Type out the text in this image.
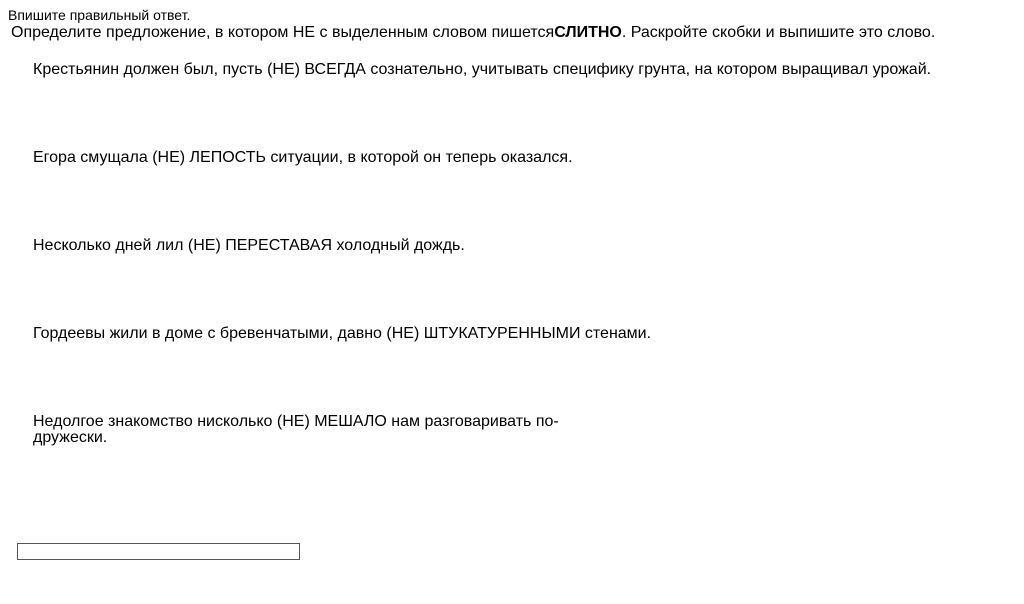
Впишите правильный ответ.
Определите предложение, в котором НЕ с выделенным словом пишетсяСЛИТНО. Раскройте скобки и выпишите это слово.
Крестьянин должен был, пусть (НЕ) ВСЕГДА сознательно, учитывать специфику грунта, на котором выращивал урожай.
Егора смущала (НЕ) ЛЕПОСТЬ ситуации, в которой он теперь оказался.
Несколько дней лил (НЕ) ПЕРЕСТАВАЯ холодный дождь.
Гордеевы жили в доме с бревенчатыми, давно (НЕ) ШТУКАТУРЕННЫМИ стенами.
Недолгое знакомство нисколько (НЕ) МЕШАЛО нам разговаривать по-дружески.
